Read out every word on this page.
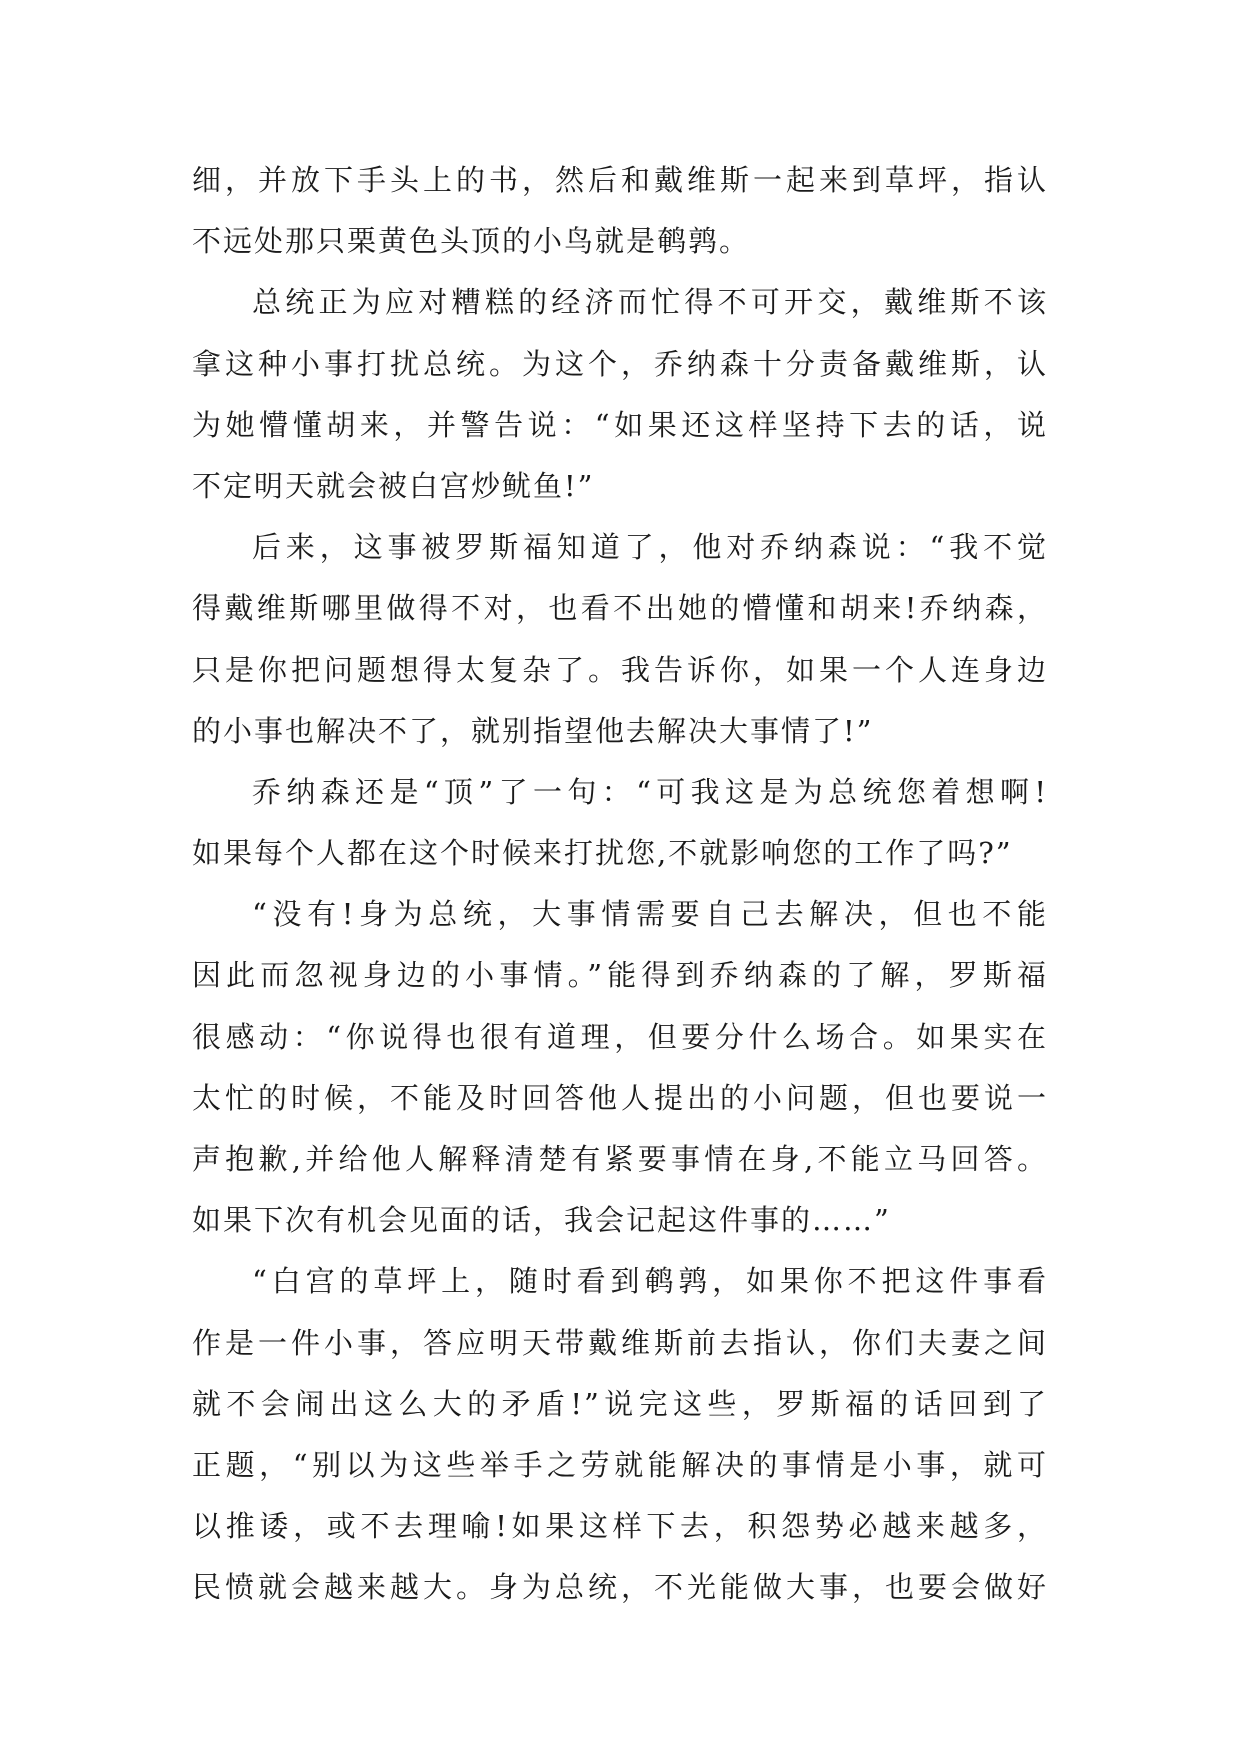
细，并放下手头上的书，然后和戴维斯一起来到草坪，指认
不远处那只栗黄色头顶的小鸟就是鹌鹑。
总统正为应对糟糕的经济而忙得不可开交，戴维斯不该
拿这种小事打扰总统。为这个，乔纳森十分责备戴维斯，认
为她懵懂胡来，并警告说：“如果还这样坚持下去的话，说
不定明天就会被白宫炒鱿鱼!”
后来，这事被罗斯福知道了，他对乔纳森说：“我不觉
得戴维斯哪里做得不对，也看不出她的懵懂和胡来!乔纳森，
只是你把问题想得太复杂了。我告诉你，如果一个人连身边
的小事也解决不了，就别指望他去解决大事情了!”
乔纳森还是“顶”了一句：“可我这是为总统您着想啊!
如果每个人都在这个时候来打扰您,不就影响您的工作了吗?”
“没有!身为总统，大事情需要自己去解决，但也不能
因此而忽视身边的小事情。”能得到乔纳森的了解，罗斯福
很感动：“你说得也很有道理，但要分什么场合。如果实在
太忙的时候，不能及时回答他人提出的小问题，但也要说一
声抱歉,并给他人解释清楚有紧要事情在身,不能立马回答。
如果下次有机会见面的话，我会记起这件事的……”
“白宫的草坪上，随时看到鹌鹑，如果你不把这件事看
作是一件小事，答应明天带戴维斯前去指认，你们夫妻之间
就不会闹出这么大的矛盾!”说完这些，罗斯福的话回到了
正题，“别以为这些举手之劳就能解决的事情是小事，就可
以推诿，或不去理喻!如果这样下去，积怨势必越来越多，
民愤就会越来越大。身为总统，不光能做大事，也要会做好
